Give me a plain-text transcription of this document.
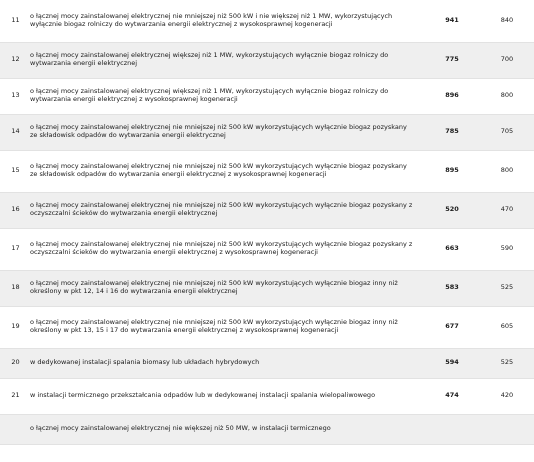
11	o łącznej mocy zainstalowanej elektrycznej nie mniejszej niż 500 kW i nie większej niż 1 MW, wykorzystujących wyłącznie biogaz rolniczy do wytwarzania energii elektrycznej z wysokosprawnej kogeneracji	941	840
12	o łącznej mocy zainstalowanej elektrycznej większej niż 1 MW, wykorzystujących wyłącznie biogaz rolniczy do wytwarzania energii elektrycznej	775	700
13	o łącznej mocy zainstalowanej elektrycznej większej niż 1 MW, wykorzystujących wyłącznie biogaz rolniczy do wytwarzania energii elektrycznej z wysokosprawnej kogeneracji	896	800
14	o łącznej mocy zainstalowanej elektrycznej nie mniejszej niż 500 kW wykorzystujących wyłącznie biogaz pozyskany ze składowisk odpadów do wytwarzania energii elektrycznej	785	705
15	o łącznej mocy zainstalowanej elektrycznej nie mniejszej niż 500 kW wykorzystujących wyłącznie biogaz pozyskany ze składowisk odpadów do wytwarzania energii elektrycznej z wysokosprawnej kogeneracji	895	800
16	o łącznej mocy zainstalowanej elektrycznej nie mniejszej niż 500 kW wykorzystujących wyłącznie biogaz pozyskany z oczyszczalni ścieków do wytwarzania energii elektrycznej	520	470
17	o łącznej mocy zainstalowanej elektrycznej nie mniejszej niż 500 kW wykorzystujących wyłącznie biogaz pozyskany z oczyszczalni ścieków do wytwarzania energii elektrycznej z wysokosprawnej kogeneracji	663	590
18	o łącznej mocy zainstalowanej elektrycznej nie mniejszej niż 500 kW wykorzystujących wyłącznie biogaz inny niż określony w pkt 12, 14 i 16 do wytwarzania energii elektrycznej	583	525
19	o łącznej mocy zainstalowanej elektrycznej nie mniejszej niż 500 kW wykorzystujących wyłącznie biogaz inny niż określony w pkt 13, 15 i 17 do wytwarzania energii elektrycznej z wysokosprawnej kogeneracji	677	605
20	w dedykowanej instalacji spalania biomasy lub układach hybrydowych	594	525
21	w instalacji termicznego przekształcania odpadów lub w dedykowanej instalacji spalania wielopaliwowego	474	420
	o łącznej mocy zainstalowanej elektrycznej nie większej niż 50 MW, w instalacji termicznego		
